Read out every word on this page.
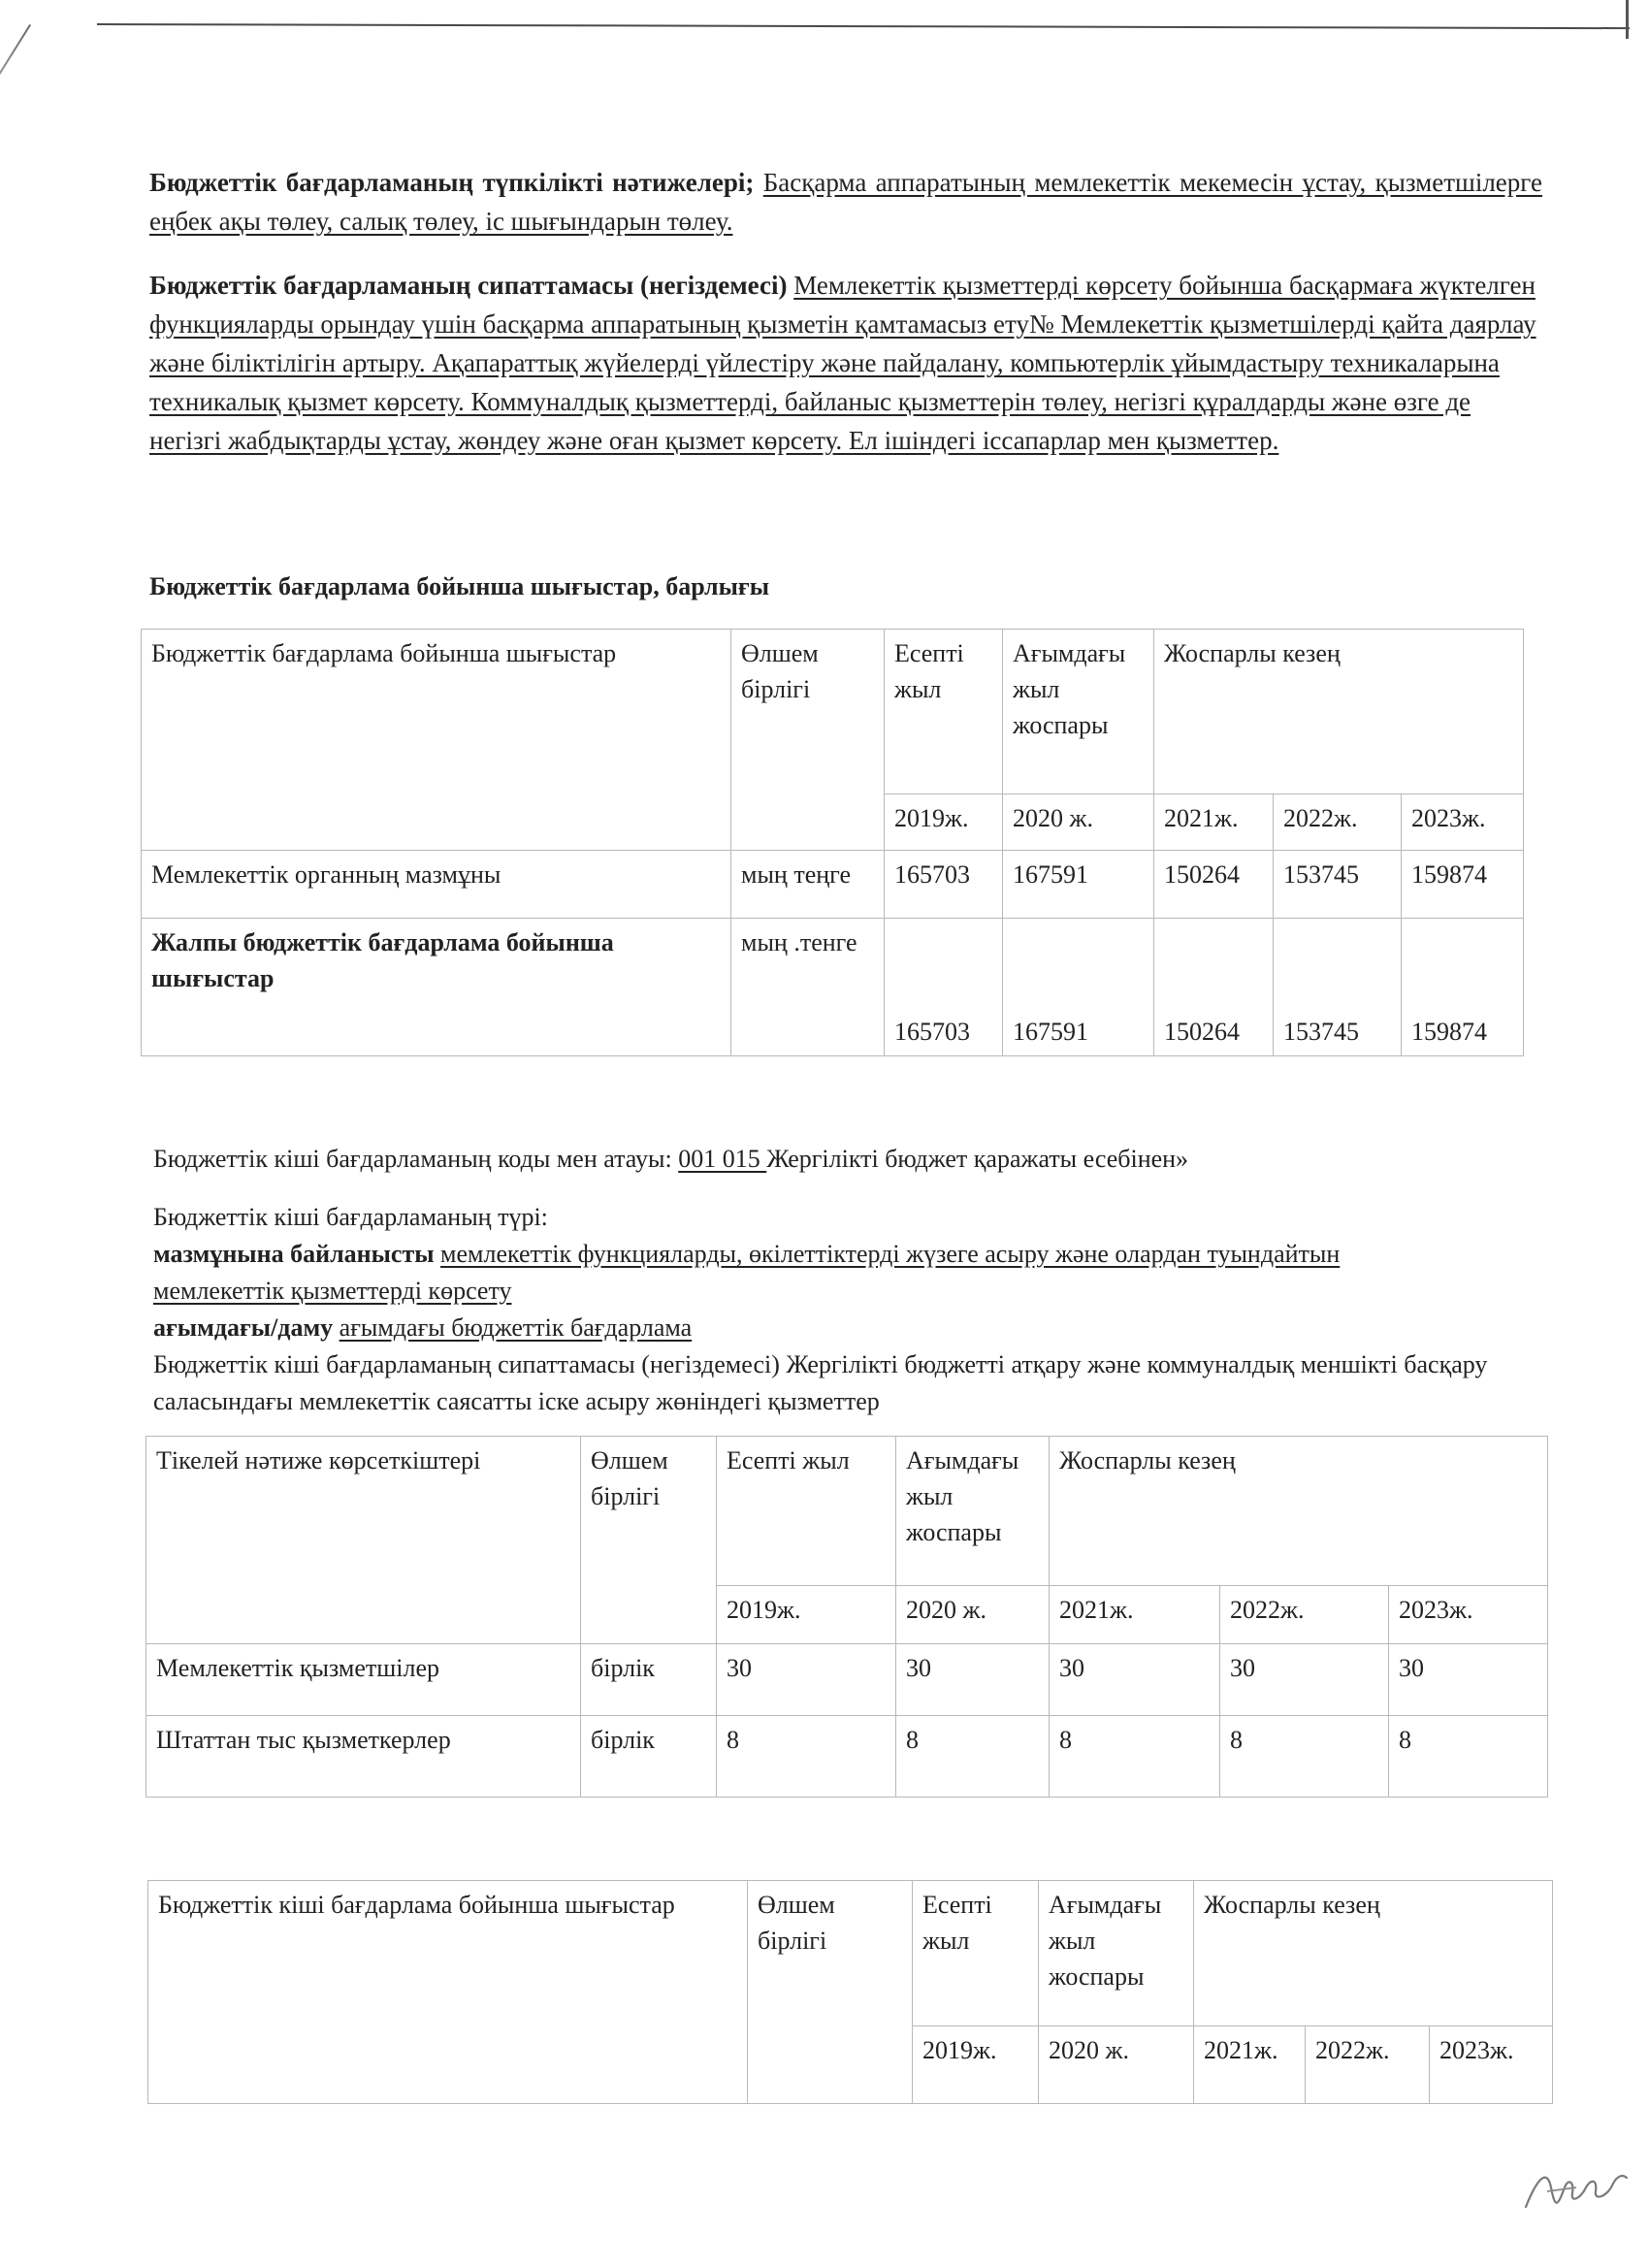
Бюджеттік бағдарламаның түпкілікті нәтижелері; Басқарма аппаратының мемлекеттік мекемесін ұстау, қызметшілерге еңбек ақы төлеу, салық төлеу, іс шығындарын төлеу.
Бюджеттік бағдарламаның сипаттамасы (негіздемесі) Мемлекеттік қызметтерді көрсету бойынша басқармаға жүктелген функцияларды орындау үшін басқарма аппаратының қызметін қамтамасыз ету№ Мемлекеттік қызметшілерді қайта даярлау және біліктілігін артыру. Ақапараттық жүйелерді үйлестіру және пайдалану, компьютерлік ұйымдастыру техникаларына техникалық қызмет көрсету. Коммуналдық қызметтерді, байланыс қызметтерін төлеу, негізгі құралдарды және өзге де негізгі жабдықтарды ұстау, жөндеу және оған қызмет көрсету. Ел ішіндегі іссапарлар мен қызметтер.
Бюджеттік бағдарлама бойынша шығыстар, барлығы
Бюджеттік бағдарлама бойынша шығыстар	Өлшем бірлігі	Есепті жыл	Ағымдағы жыл жоспары	Жоспарлы кезең		
		2019ж.	2020 ж.	2021ж.	2022ж.	2023ж.
Мемлекеттік органның мазмұны	мың теңге	165703	167591	150264	153745	159874
Жалпы бюджеттік бағдарлама бойынша шығыстар	мың .тенге	165703	167591	150264	153745	159874
Бюджеттік кіші бағдарламаның коды мен атауы: 001 015 Жергілікті бюджет қаражаты есебінен»
Бюджеттік кіші бағдарламаның түрі:
мазмұнына байланысты мемлекеттік функцияларды, өкілеттіктерді жүзеге асыру және олардан туындайтын мемлекеттік қызметтерді көрсету
ағымдағы/даму ағымдағы бюджеттік бағдарлама
Бюджеттік кіші бағдарламаның сипаттамасы (негіздемесі) Жергілікті бюджетті атқару және коммуналдық меншікті басқару саласындағы мемлекеттік саясатты іске асыру жөніндегі қызметтер
Тікелей нәтиже көрсеткіштері	Өлшем бірлігі	Есепті жыл	Ағымдағы жыл жоспары	Жоспарлы кезең		
		2019ж.	2020 ж.	2021ж.	2022ж.	2023ж.
Мемлекеттік қызметшілер	бірлік	30	30	30	30	30
Штаттан тыс қызметкерлер	бірлік	8	8	8	8	8
Бюджеттік кіші бағдарлама бойынша шығыстар	Өлшем бірлігі	Есепті жыл	Ағымдағы жыл жоспары	Жоспарлы кезең		
		2019ж.	2020 ж.	2021ж.	2022ж.	2023ж.
